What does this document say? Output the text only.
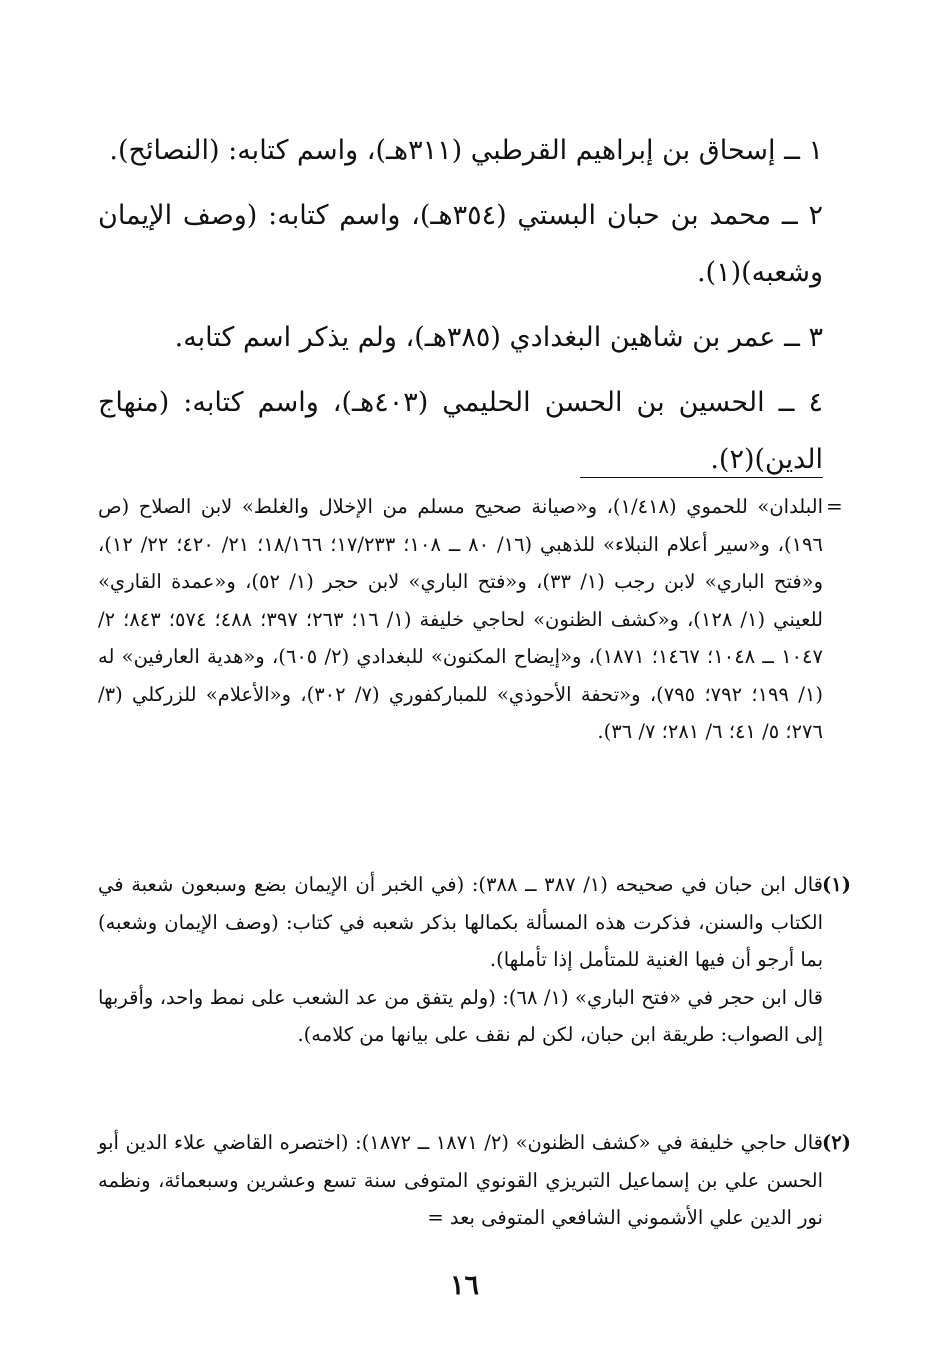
١ ــ إسحاق بن إبراهيم القرطبي (٣١١هـ)، واسم كتابه: (النصائح).

٢ ــ محمد بن حبان البستي (٣٥٤هـ)، واسم كتابه: (وصف الإيمان وشعبه)(١).

٣ ــ عمر بن شاهين البغدادي (٣٨٥هـ)، ولم يذكر اسم كتابه.

٤ ــ الحسين بن الحسن الحليمي (٤٠٣هـ)، واسم كتابه: (منهاج الدين)(٢).

=

البلدان» للحموي (١/٤١٨)، و«صيانة صحيح مسلم من الإخلال والغلط» لابن الصلاح (ص ١٩٦)، و«سير أعلام النبلاء» للذهبي (١٦/ ٨٠ ــ ١٠٨؛ ١٧/٢٣٣؛ ١٨/١٦٦؛ ٢١/ ٤٢٠؛ ٢٢/ ١٢)، و«فتح الباري» لابن رجب (١/ ٣٣)، و«فتح الباري» لابن حجر (١/ ٥٢)، و«عمدة القاري» للعيني (١/ ١٢٨)، و«كشف الظنون» لحاجي خليفة (١/ ١٦؛ ٢٦٣؛ ٣٩٧؛ ٤٨٨؛ ٥٧٤؛ ٨٤٣؛ ٢/ ١٠٤٧ ــ ١٠٤٨؛ ١٤٦٧؛ ١٨٧١)، و«إيضاح المكنون» للبغدادي (٢/ ٦٠٥)، و«هدية العارفين» له (١/ ١٩٩؛ ٧٩٢؛ ٧٩٥)، و«تحفة الأحوذي» للمباركفوري (٧/ ٣٠٢)، و«الأعلام» للزركلي (٣/ ٢٧٦؛ ٥/ ٤١؛ ٦/ ٢٨١؛ ٧/ ٣٦).

(١)

قال ابن حبان في صحيحه (١/ ٣٨٧ ــ ٣٨٨): (في الخبر أن الإيمان بضع وسبعون شعبة في الكتاب والسنن، فذكرت هذه المسألة بكمالها بذكر شعبه في كتاب: (وصف الإيمان وشعبه) بما أرجو أن فيها الغنية للمتأمل إذا تأملها).

قال ابن حجر في «فتح الباري» (١/ ٦٨): (ولم يتفق من عد الشعب على نمط واحد، وأقربها إلى الصواب: طريقة ابن حبان، لكن لم نقف على بيانها من كلامه).

(٢)

قال حاجي خليفة في «كشف الظنون» (٢/ ١٨٧١ ــ ١٨٧٢): (اختصره القاضي علاء الدين أبو الحسن علي بن إسماعيل التبريزي القونوي المتوفى سنة تسع وعشرين وسبعمائة، ونظمه نور الدين علي الأشموني الشافعي المتوفى بعد =

١٦
